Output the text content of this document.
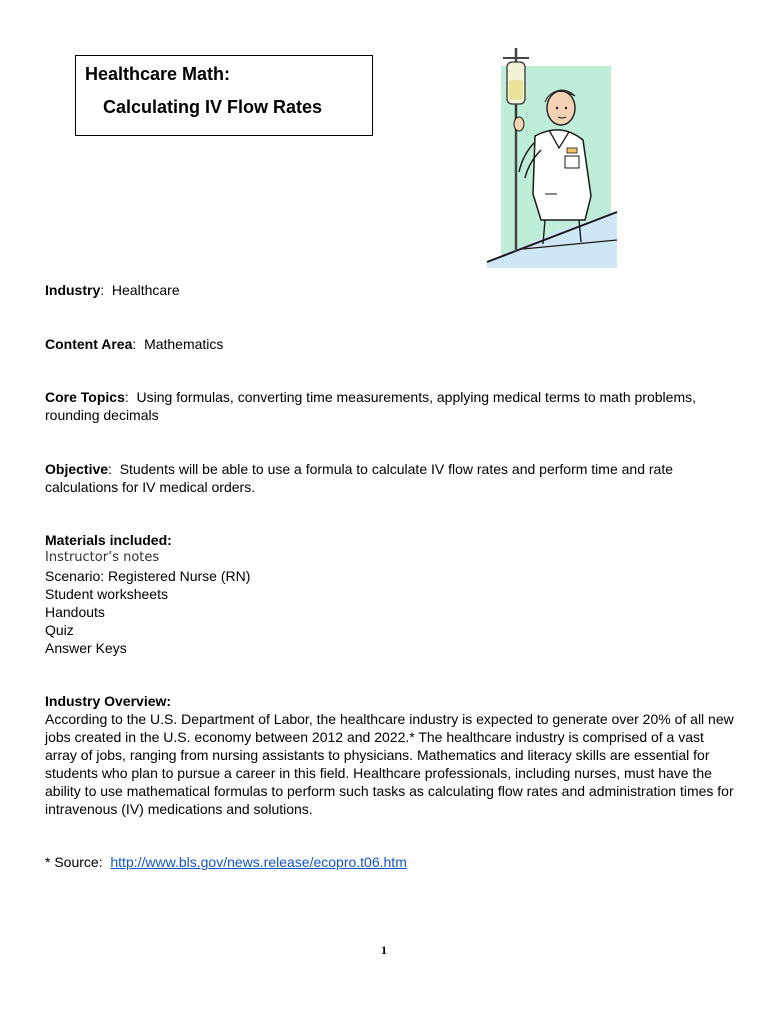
Healthcare Math:
Calculating IV Flow Rates
Industry:  Healthcare
Content Area:  Mathematics
Core Topics:  Using formulas, converting time measurements, applying medical terms to math problems, rounding decimals
Objective:  Students will be able to use a formula to calculate IV flow rates and perform time and rate calculations for IV medical orders.
Materials included:
Instructor’s notes
Scenario: Registered Nurse (RN)
Student worksheets
Handouts
Quiz
Answer Keys
Industry Overview:
According to the U.S. Department of Labor, the healthcare industry is expected to generate over 20% of all new jobs created in the U.S. economy between 2012 and 2022.* The healthcare industry is comprised of a vast array of jobs, ranging from nursing assistants to physicians. Mathematics and literacy skills are essential for students who plan to pursue a career in this field. Healthcare professionals, including nurses, must have the ability to use mathematical formulas to perform such tasks as calculating flow rates and administration times for intravenous (IV) medications and solutions.
* Source: http://www.bls.gov/news.release/ecopro.t06.htm
1
